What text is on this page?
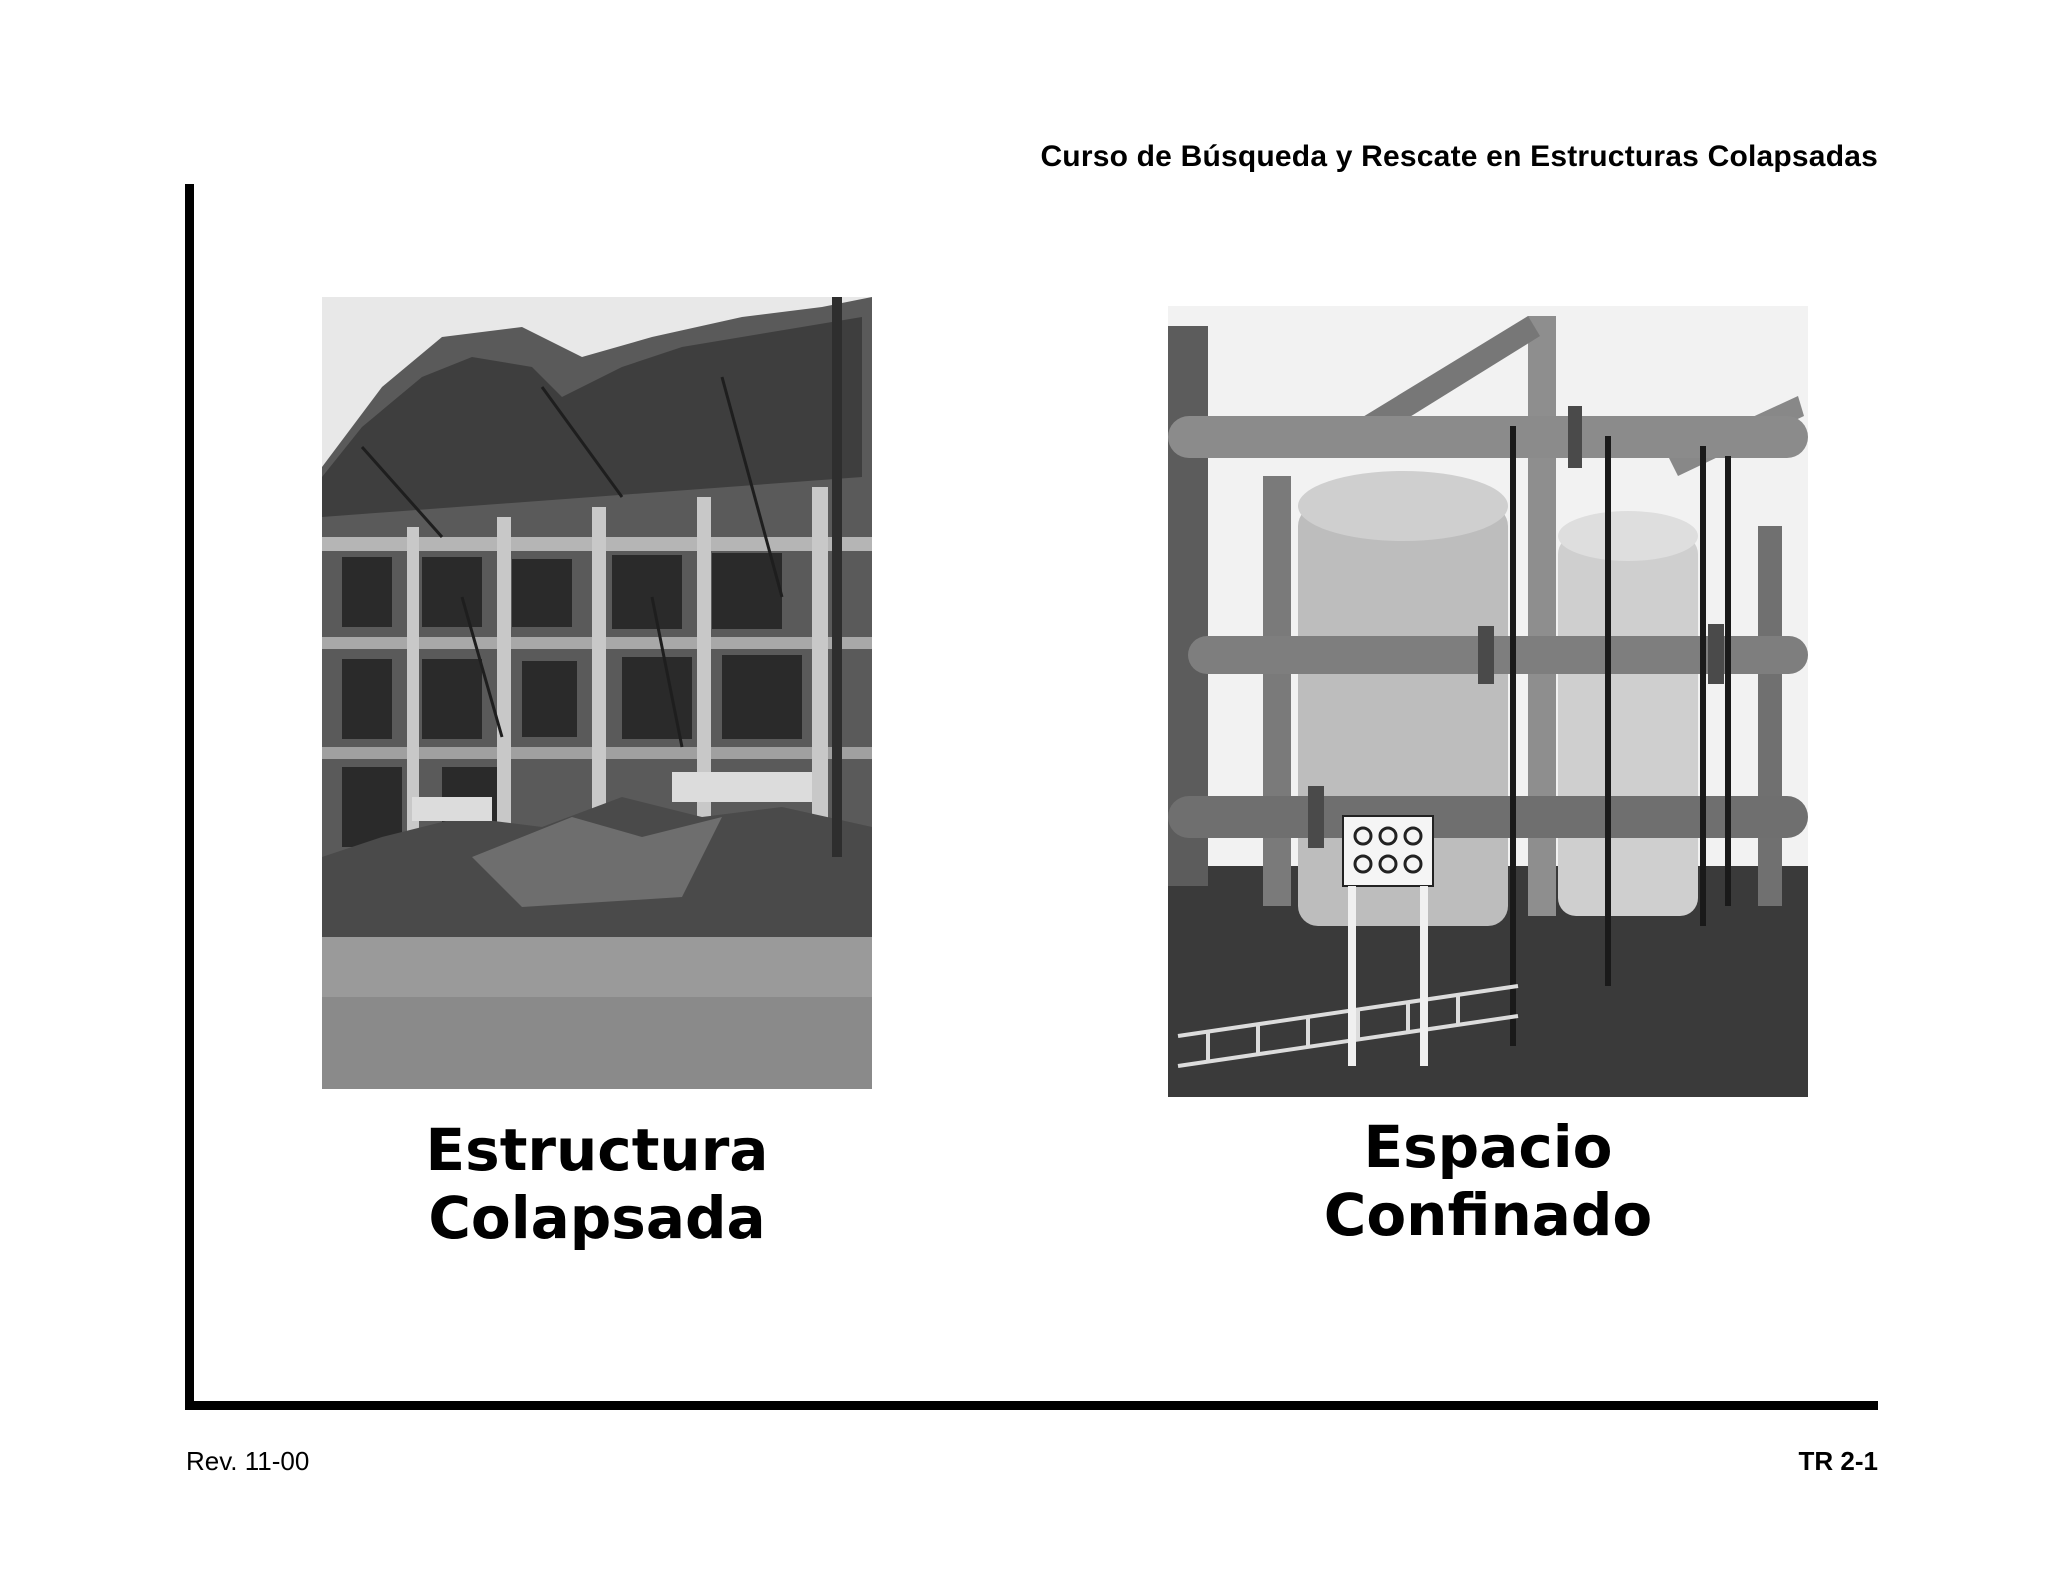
Curso de Búsqueda y Rescate en Estructuras Colapsadas
Estructura
Colapsada
Espacio
Confinado
Rev. 11-00	TR 2-1
